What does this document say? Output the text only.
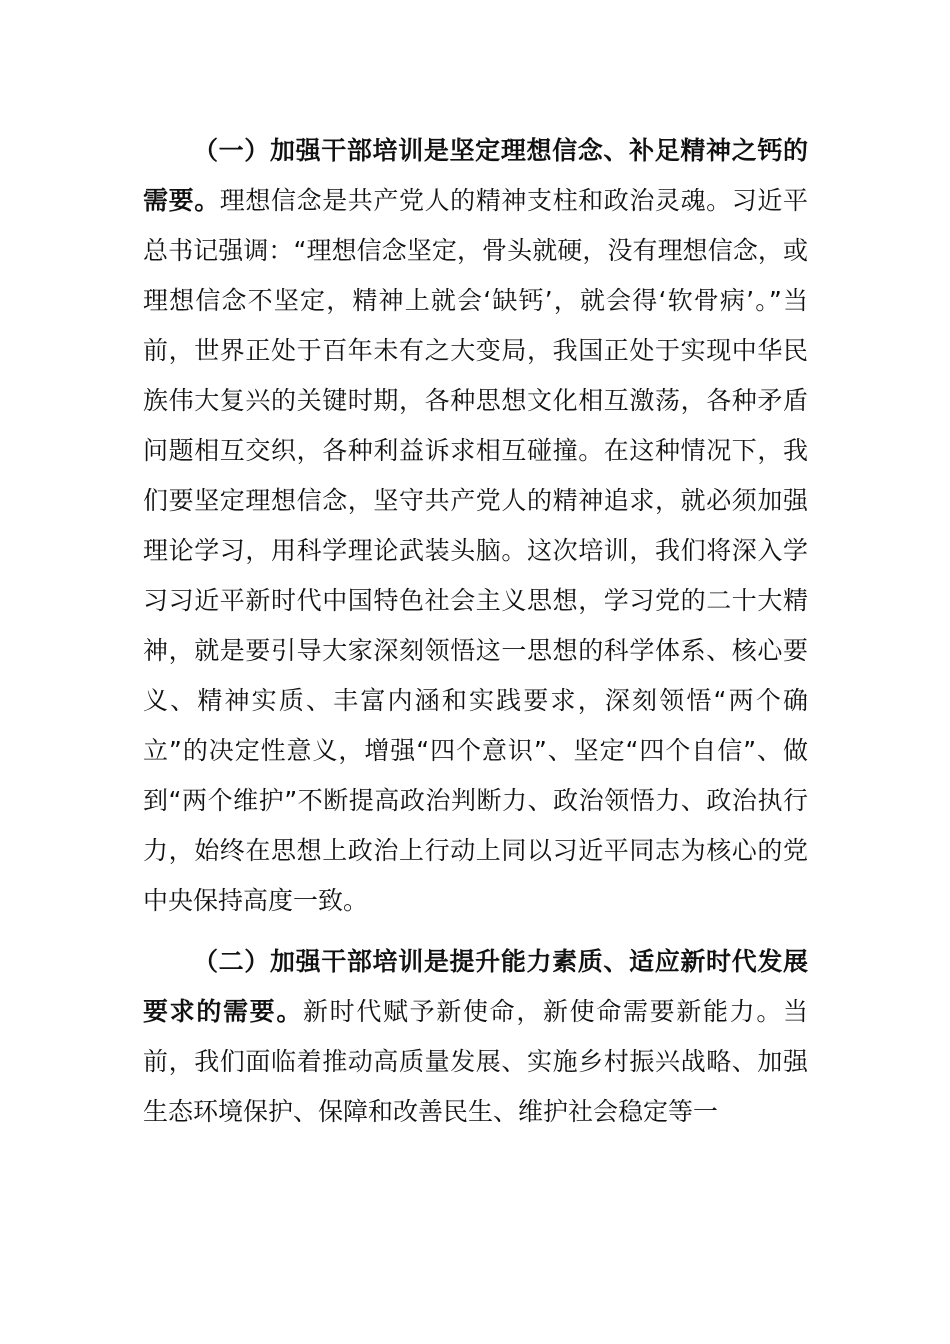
（一）加强干部培训是坚定理想信念、补足精神之钙的需要。理想信念是共产党人的精神支柱和政治灵魂。习近平总书记强调：“理想信念坚定，骨头就硬，没有理想信念，或理想信念不坚定，精神上就会‘缺钙’，就会得‘软骨病’。”当前，世界正处于百年未有之大变局，我国正处于实现中华民族伟大复兴的关键时期，各种思想文化相互激荡，各种矛盾问题相互交织，各种利益诉求相互碰撞。在这种情况下，我们要坚定理想信念，坚守共产党人的精神追求，就必须加强理论学习，用科学理论武装头脑。这次培训，我们将深入学习习近平新时代中国特色社会主义思想，学习党的二十大精神，就是要引导大家深刻领悟这一思想的科学体系、核心要义、精神实质、丰富内涵和实践要求，深刻领悟“两个确立”的决定性意义，增强“四个意识”、坚定“四个自信”、做到“两个维护”不断提高政治判断力、政治领悟力、政治执行力，始终在思想上政治上行动上同以习近平同志为核心的党中央保持高度一致。

（二）加强干部培训是提升能力素质、适应新时代发展要求的需要。新时代赋予新使命，新使命需要新能力。当前，我们面临着推动高质量发展、实施乡村振兴战略、加强生态环境保护、保障和改善民生、维护社会稳定等一
